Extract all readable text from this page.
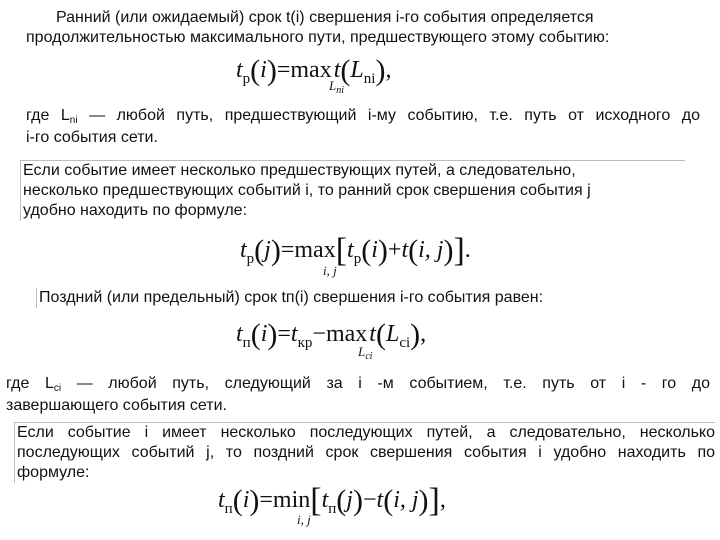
Ранний (или ожидаемый) срок t(i) свершения i-го события определяется
продолжительностью максимального пути, предшествующего этому событию:
$t_p(i)=\max$ $t(L_{ni})$,
$L_{ni}$
где Lni — любой путь, предшествующий i-му событию, т.е. путь от исходного до
i-го события сети.
Если событие имеет несколько предшествующих путей, а следовательно,
несколько предшествующих событий i, то ранний срок свершения события j
удобно находить по формуле:
$t_p(j)=\max[t_p(i)+t(i$, j)].
i, j
Поздний (или предельный) срок tп(i) свершения i-го события равен:
$t_п(i)=t_{кр}-\max$ $t(L_{ci})$,
$L_{ci}$
где Lci — любой путь, следующий за i -м событием, т.е. путь от i - го до
завершающего события сети.
Если событие i имеет несколько последующих путей, а следовательно, несколько
последующих событий j, то поздний срок свершения события i удобно находить по
формуле:
$t_п(i)=\min[t_п(j)-t(i$, j)],
i, j
